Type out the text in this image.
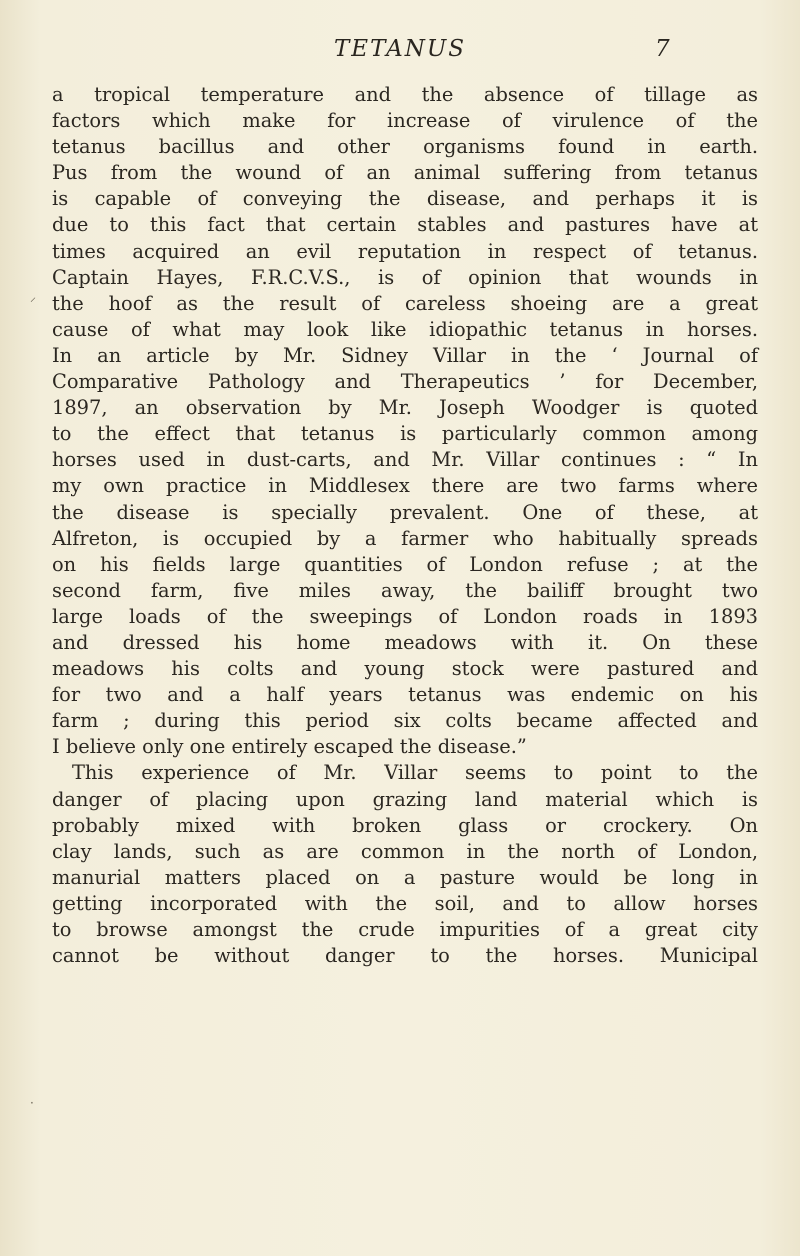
TETANUS	7
⸝
·
a tropical temperature and the absence of tillage as
factors which make for increase of virulence of the
tetanus bacillus and other organisms found in earth.
Pus from the wound of an animal suffering from tetanus
is capable of conveying the disease, and perhaps it is
due to this fact that certain stables and pastures have at
times acquired an evil reputation in respect of tetanus.
Captain Hayes, F.R.C.V.S., is of opinion that wounds in
the hoof as the result of careless shoeing are a great
cause of what may look like idiopathic tetanus in horses.
In an article by Mr. Sidney Villar in the ‘ Journal of
Comparative Pathology and Therapeutics ’ for December,
1897, an observation by Mr. Joseph Woodger is quoted
to the effect that tetanus is particularly common among
horses used in dust-carts, and Mr. Villar continues : “ In
my own practice in Middlesex there are two farms where
the disease is specially prevalent. One of these, at
Alfreton, is occupied by a farmer who habitually spreads
on his fields large quantities of London refuse ; at the
second farm, five miles away, the bailiff brought two
large loads of the sweepings of London roads in 1893
and dressed his home meadows with it. On these
meadows his colts and young stock were pastured and
for two and a half years tetanus was endemic on his
farm ; during this period six colts became affected and
I believe only one entirely escaped the disease.”
This experience of Mr. Villar seems to point to the
danger of placing upon grazing land material which is
probably mixed with broken glass or crockery. On
clay lands, such as are common in the north of London,
manurial matters placed on a pasture would be long in
getting incorporated with the soil, and to allow horses
to browse amongst the crude impurities of a great city
cannot be without danger to the horses. Municipal
